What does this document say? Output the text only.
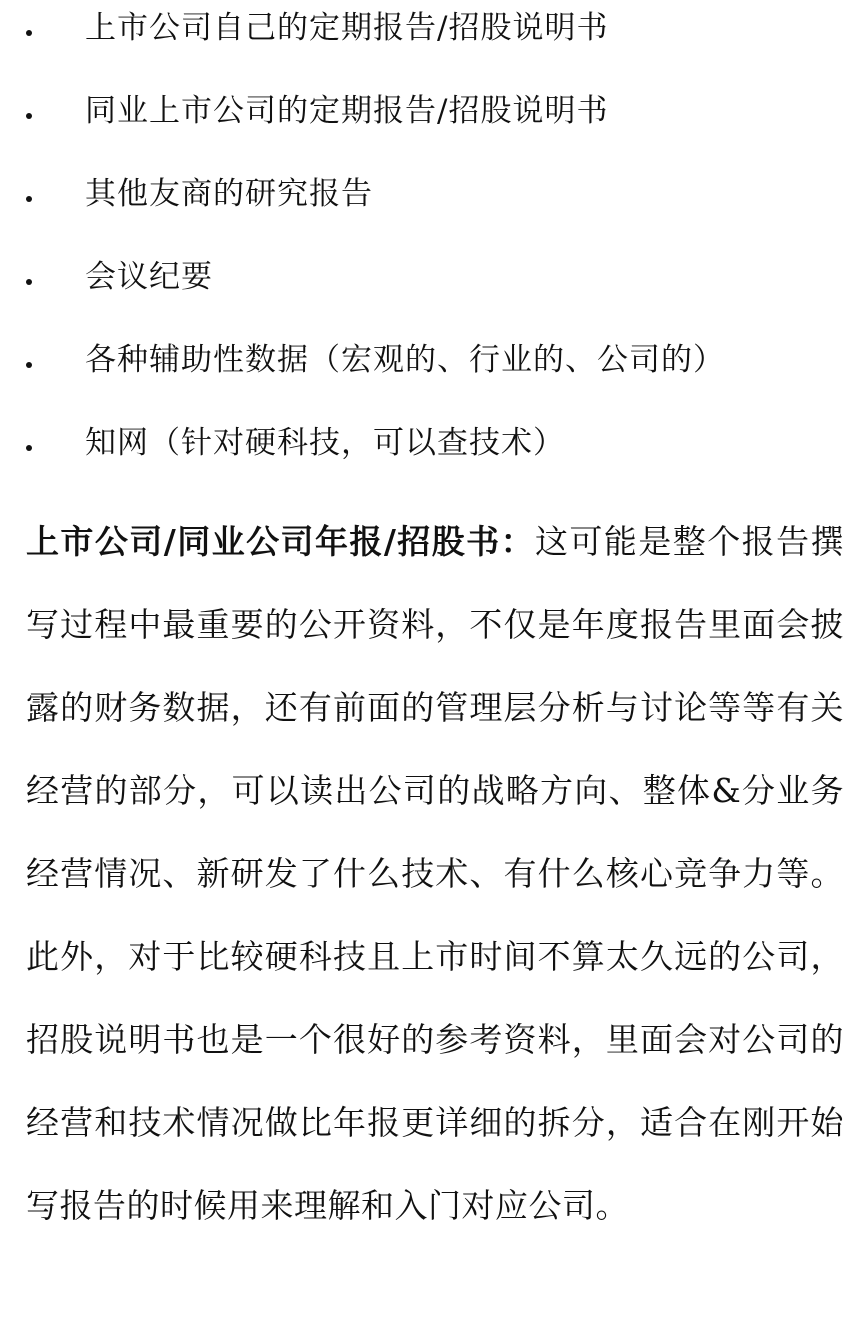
上市公司自己的定期报告/招股说明书
同业上市公司的定期报告/招股说明书
其他友商的研究报告
会议纪要
各种辅助性数据（宏观的、行业的、公司的）
知网（针对硬科技，可以查技术）

上市公司/同业公司年报/招股书：这可能是整个报告撰写过程中最重要的公开资料，不仅是年度报告里面会披露的财务数据，还有前面的管理层分析与讨论等等有关经营的部分，可以读出公司的战略方向、整体&分业务经营情况、新研发了什么技术、有什么核心竞争力等。此外，对于比较硬科技且上市时间不算太久远的公司，招股说明书也是一个很好的参考资料，里面会对公司的经营和技术情况做比年报更详细的拆分，适合在刚开始写报告的时候用来理解和入门对应公司。
